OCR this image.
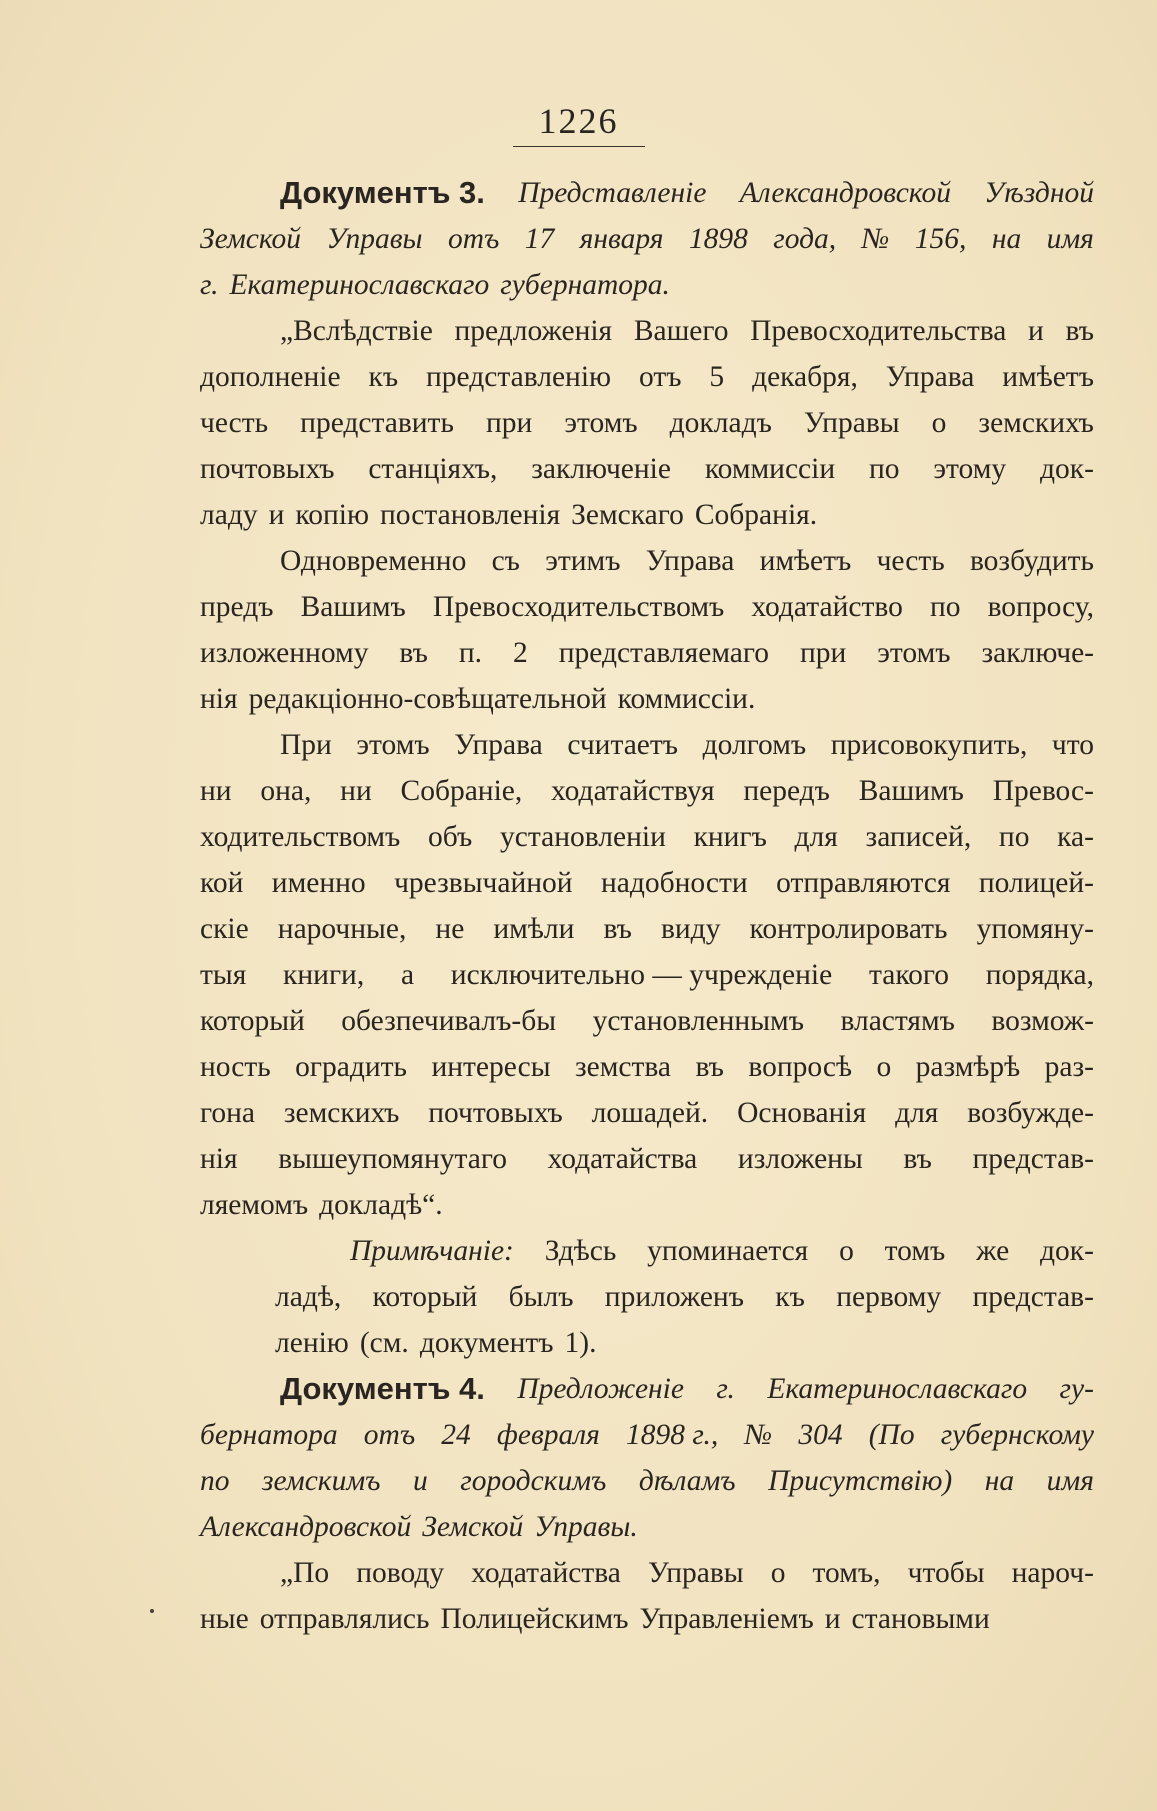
1226
Документъ 3. Представленіе Александровской Уѣздной
Земской Управы отъ 17 января 1898 года, № 156, на имя
г. Екатеринославскаго губернатора.
„Вслѣдствіе предложенія Вашего Превосходительства и въ
дополненіе къ представленію отъ 5 декабря, Управа имѣетъ
честь представить при этомъ докладъ Управы о земскихъ
почтовыхъ станціяхъ, заключеніе коммиссіи по этому док-
ладу и копію постановленія Земскаго Собранія.
Одновременно съ этимъ Управа имѣетъ честь возбудить
предъ Вашимъ Превосходительствомъ ходатайство по вопросу,
изложенному въ п. 2 представляемаго при этомъ заключе-
нія редакціонно-совѣщательной коммиссіи.
При этомъ Управа считаетъ долгомъ присовокупить, что
ни она, ни Собраніе, ходатайствуя передъ Вашимъ Превос-
ходительствомъ объ установленіи книгъ для записей, по ка-
кой именно чрезвычайной надобности отправляются полицей-
скіе нарочные, не имѣли въ виду контролировать упомяну-
тыя книги, а исключительно — учрежденіе такого порядка,
который обезпечивалъ-бы установленнымъ властямъ возмож-
ность оградить интересы земства въ вопросѣ о размѣрѣ раз-
гона земскихъ почтовыхъ лошадей. Основанія для возбужде-
нія вышеупомянутаго ходатайства изложены въ представ-
ляемомъ докладѣ“.
Примѣчаніе: Здѣсь упоминается о томъ же док-
ладѣ, который былъ приложенъ къ первому представ-
ленію (см. документъ 1).
Документъ 4. Предложеніе г. Екатеринославскаго гу-
бернатора отъ 24 февраля 1898 г., № 304 (По губернскому
по земскимъ и городскимъ дѣламъ Присутствію) на имя
Александровской Земской Управы.
„По поводу ходатайства Управы о томъ, чтобы нароч-
ные отправлялись Полицейскимъ Управленіемъ и становыми
